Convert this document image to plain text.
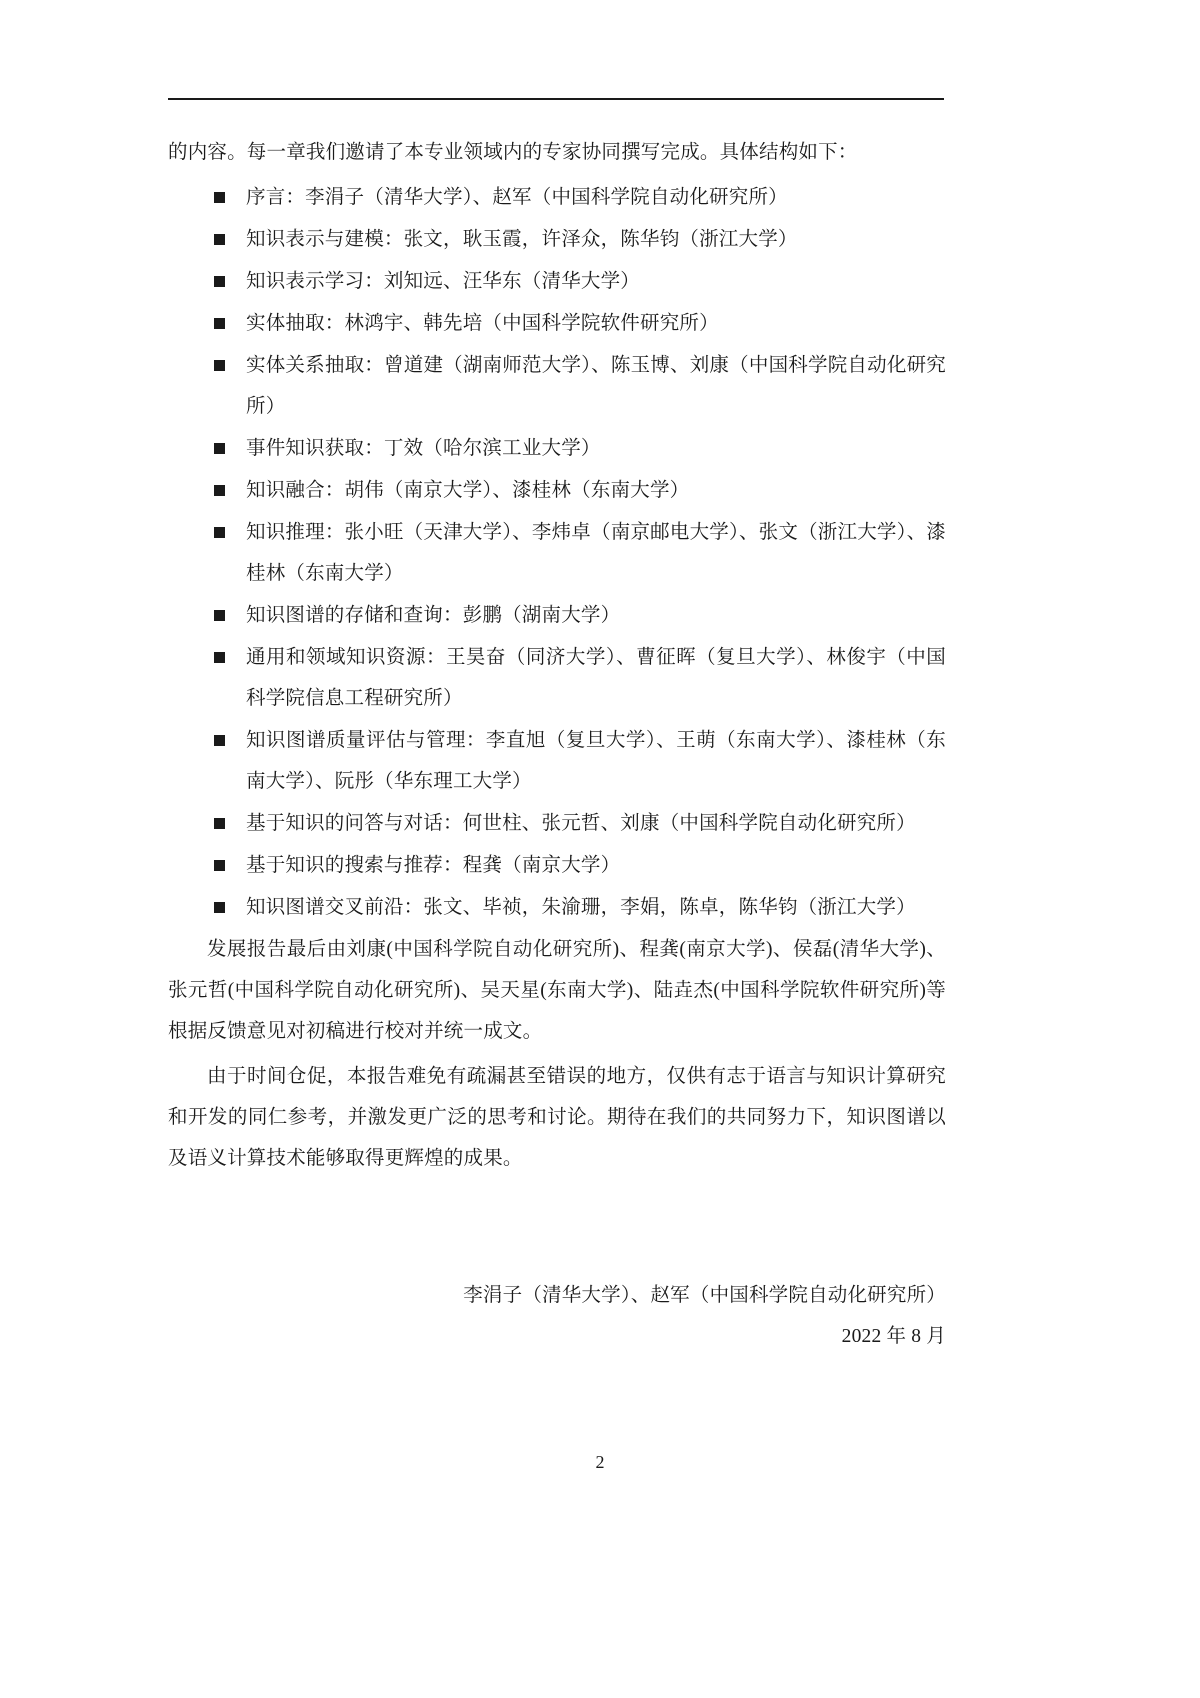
的内容。每一章我们邀请了本专业领域内的专家协同撰写完成。具体结构如下：

序言：李涓子（清华大学）、赵军（中国科学院自动化研究所）
知识表示与建模：张文，耿玉霞，许泽众，陈华钧（浙江大学）
知识表示学习：刘知远、汪华东（清华大学）
实体抽取：林鸿宇、韩先培（中国科学院软件研究所）
实体关系抽取：曾道建（湖南师范大学）、陈玉博、刘康（中国科学院自动化研究所）
事件知识获取：丁效（哈尔滨工业大学）
知识融合：胡伟（南京大学）、漆桂林（东南大学）
知识推理：张小旺（天津大学）、李炜卓（南京邮电大学）、张文（浙江大学）、漆桂林（东南大学）
知识图谱的存储和查询：彭鹏（湖南大学）
通用和领域知识资源：王昊奋（同济大学）、曹征晖（复旦大学）、林俊宇（中国科学院信息工程研究所）
知识图谱质量评估与管理：李直旭（复旦大学）、王萌（东南大学）、漆桂林（东南大学）、阮彤（华东理工大学）
基于知识的问答与对话：何世柱、张元哲、刘康（中国科学院自动化研究所）
基于知识的搜索与推荐：程龚（南京大学）
知识图谱交叉前沿：张文、毕祯，朱渝珊，李娟，陈卓，陈华钧（浙江大学）

发展报告最后由刘康(中国科学院自动化研究所)、程龚(南京大学)、侯磊(清华大学)、张元哲(中国科学院自动化研究所)、吴天星(东南大学)、陆垚杰(中国科学院软件研究所)等根据反馈意见对初稿进行校对并统一成文。

由于时间仓促，本报告难免有疏漏甚至错误的地方，仅供有志于语言与知识计算研究和开发的同仁参考，并激发更广泛的思考和讨论。期待在我们的共同努力下，知识图谱以及语义计算技术能够取得更辉煌的成果。

李涓子（清华大学）、赵军（中国科学院自动化研究所）
2022 年 8 月
2
